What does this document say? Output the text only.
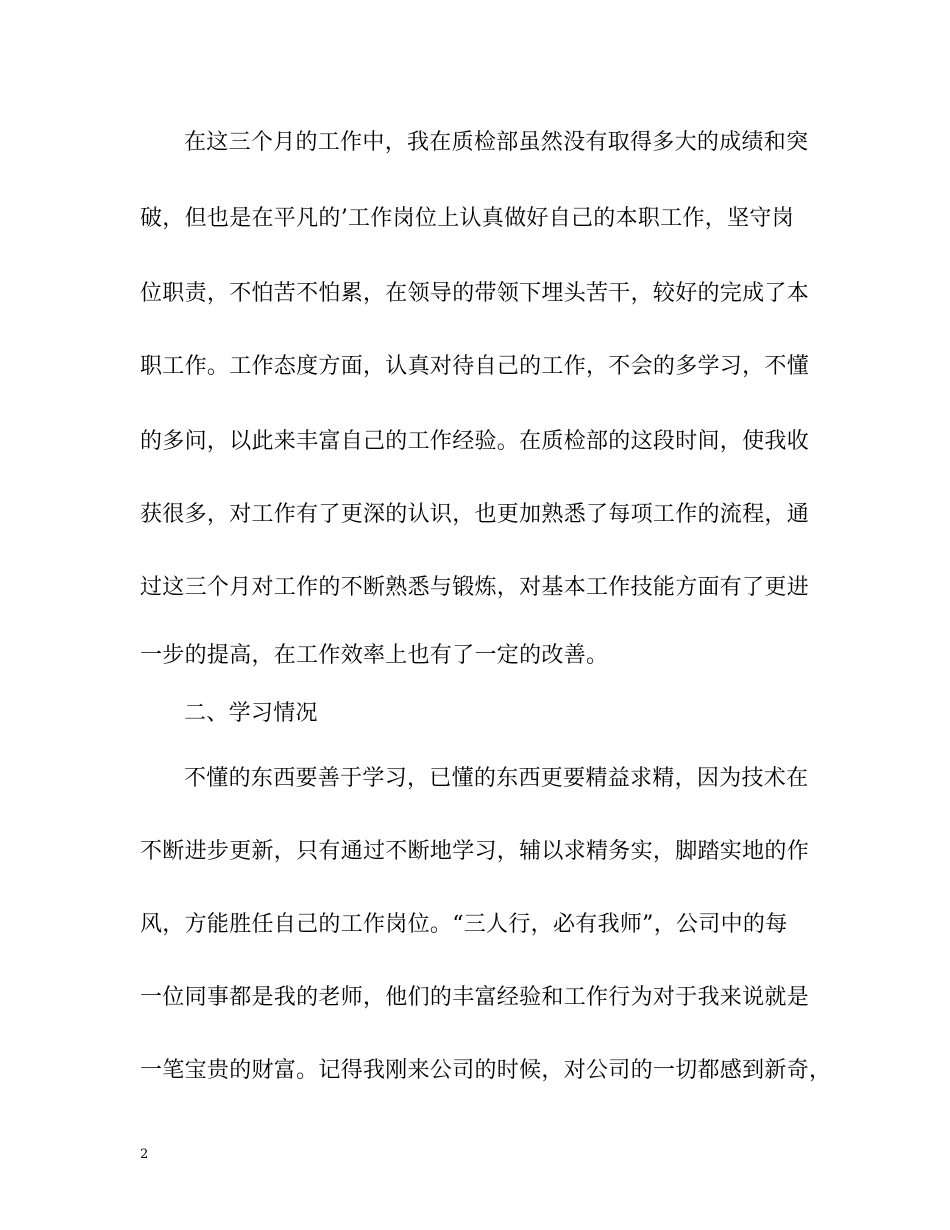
在这三个月的工作中，我在质检部虽然没有取得多大的成绩和突
破，但也是在平凡的’工作岗位上认真做好自己的本职工作，坚守岗
位职责，不怕苦不怕累，在领导的带领下埋头苦干，较好的完成了本
职工作。工作态度方面，认真对待自己的工作，不会的多学习，不懂
的多问，以此来丰富自己的工作经验。在质检部的这段时间，使我收
获很多，对工作有了更深的认识，也更加熟悉了每项工作的流程，通
过这三个月对工作的不断熟悉与锻炼，对基本工作技能方面有了更进
一步的提高，在工作效率上也有了一定的改善。
二、学习情况
不懂的东西要善于学习，已懂的东西更要精益求精，因为技术在
不断进步更新，只有通过不断地学习，辅以求精务实，脚踏实地的作
风，方能胜任自己的工作岗位。“三人行，必有我师”，公司中的每
一位同事都是我的老师，他们的丰富经验和工作行为对于我来说就是
一笔宝贵的财富。记得我刚来公司的时候，对公司的一切都感到新奇，
2
